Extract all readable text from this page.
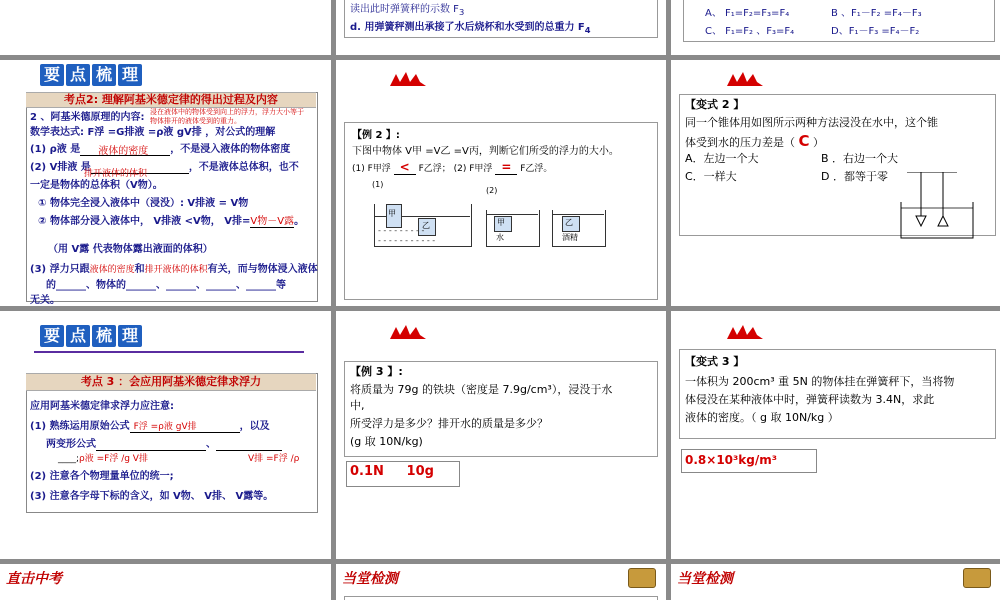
读出此时弹簧秤的示数 $F_3$
d. 用弹簧秤测出承接了水后烧杯和水受到的总重力 $F_4$
A、 F₁=F₂=F₃=F₄	B 、F₁－F₂ =F₄－F₃
C、 F₁=F₂ 、F₃=F₄	D、F₁－F₃ =F₄－F₂
要 点 梳 理
考点2: 理解阿基米德定律的得出过程及内容
2 、阿基米德原理的内容: 浸在液体中的物体受到向上的浮力，浮力大小等于物体排开的液体受到的重力。
数学表达式: F浮 =G排液 =ρ液 gV排 ，对公式的理解
(1) ρ液 是 液体的密度 ，不是浸入液体的物体密度
(2) V排液 是	，不是液体总体积，也不
排开液体的体积
一定是物体的总体积（V物）。
① 物体完全浸入液体中（浸没）: V排液 = V物
② 物体部分浸入液体中， V排液 <V物， V排=V物－V露。
（用 V露 代表物体露出液面的体积）
(3) 浮力只跟液体的密度和排开液体的体积有关，而与物体浸入液体
的______、物体的______、______、______、______等
无关。
【例 2 】:
下图中物体 V甲 =V乙 =V丙，判断它们所受的浮力的大小。
(1) F甲浮 < F乙浮； (2) F甲浮 = F乙浮。
(1)
(2)
甲
乙
- - - - - - - - -
- - - - - - - - - - -
甲
水
乙
酒精
【变式 2 】
同一个锥体用如图所示两种方法浸没在水中，这个锥
体受到水的压力差是（ C ）
A．左边一个大	B ．右边一个大
C．一样大	D ．都等于零
要 点 梳 理
考点 3 ：会应用阿基米德定律求浮力
应用阿基米德定律求浮力应注意:
(1) 熟练运用原始公式 F浮 =ρ液 gV排	，以及
两变形公式	、
____;ρ液 =F浮 /g V排	V排 =F浮 /ρ
(2) 注意各个物理量单位的统一;
(3) 注意各字母下标的含义，如 V物、 V排、 V露等。
【例 3 】:
将质量为 79g 的铁块（密度是 7.9g/cm³），浸没于水
中,
所受浮力是多少？排开水的质量是多少？
(g 取 10N/kg)
0.1N     10g
【变式 3 】
一体积为 200cm³ 重 5N 的物体挂在弹簧秤下，当将物
体侵没在某种液体中时，弹簧秤读数为 3.4N，求此
液体的密度。（ g 取 10N/kg ）
0.8×10³kg/m³
直击中考	当堂检测	当堂检测
